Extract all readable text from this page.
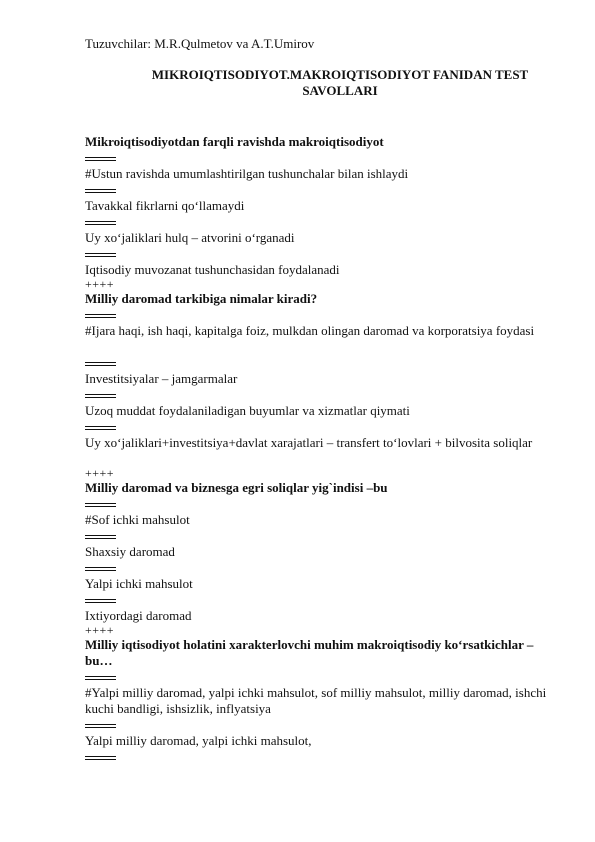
Tuzuvchilar: M.R.Qulmetov va A.T.Umirov
MIKROIQTISODIYOT.MAKROIQTISODIYOT FANIDAN TEST SAVOLLARI

Mikroiqtisodiyotdan farqli ravishda makroiqtisodiyot

#Ustun ravishda umumlashtirilgan tushunchalar bilan ishlaydi

Tavakkal fikrlarni qo‘llamaydi

Uy xo‘jaliklari hulq – atvorini o‘rganadi

Iqtisodiy muvozanat tushunchasidan foydalanadi

++++

Milliy daromad tarkibiga nimalar kiradi?

#Ijara haqi, ish haqi, kapitalga foiz, mulkdan olingan daromad va korporatsiya foydasi

Investitsiyalar – jamgarmalar

Uzoq muddat foydalaniladigan buyumlar va xizmatlar qiymati

Uy xo‘jaliklari+investitsiya+davlat xarajatlari – transfert to‘lovlari + bilvosita soliqlar

++++

Milliy daromad va biznesga egri soliqlar yig`indisi –bu

#Sof ichki mahsulot

Shaxsiy daromad

Yalpi ichki mahsulot

Ixtiyordagi daromad

++++

Milliy iqtisodiyot holatini xarakterlovchi muhim makroiqtisodiy ko‘rsatkichlar – bu…

#Yalpi milliy daromad, yalpi ichki mahsulot, sof milliy mahsulot, milliy daromad, ishchi kuchi bandligi, ishsizlik, inflyatsiya

Yalpi milliy daromad, yalpi ichki mahsulot,
